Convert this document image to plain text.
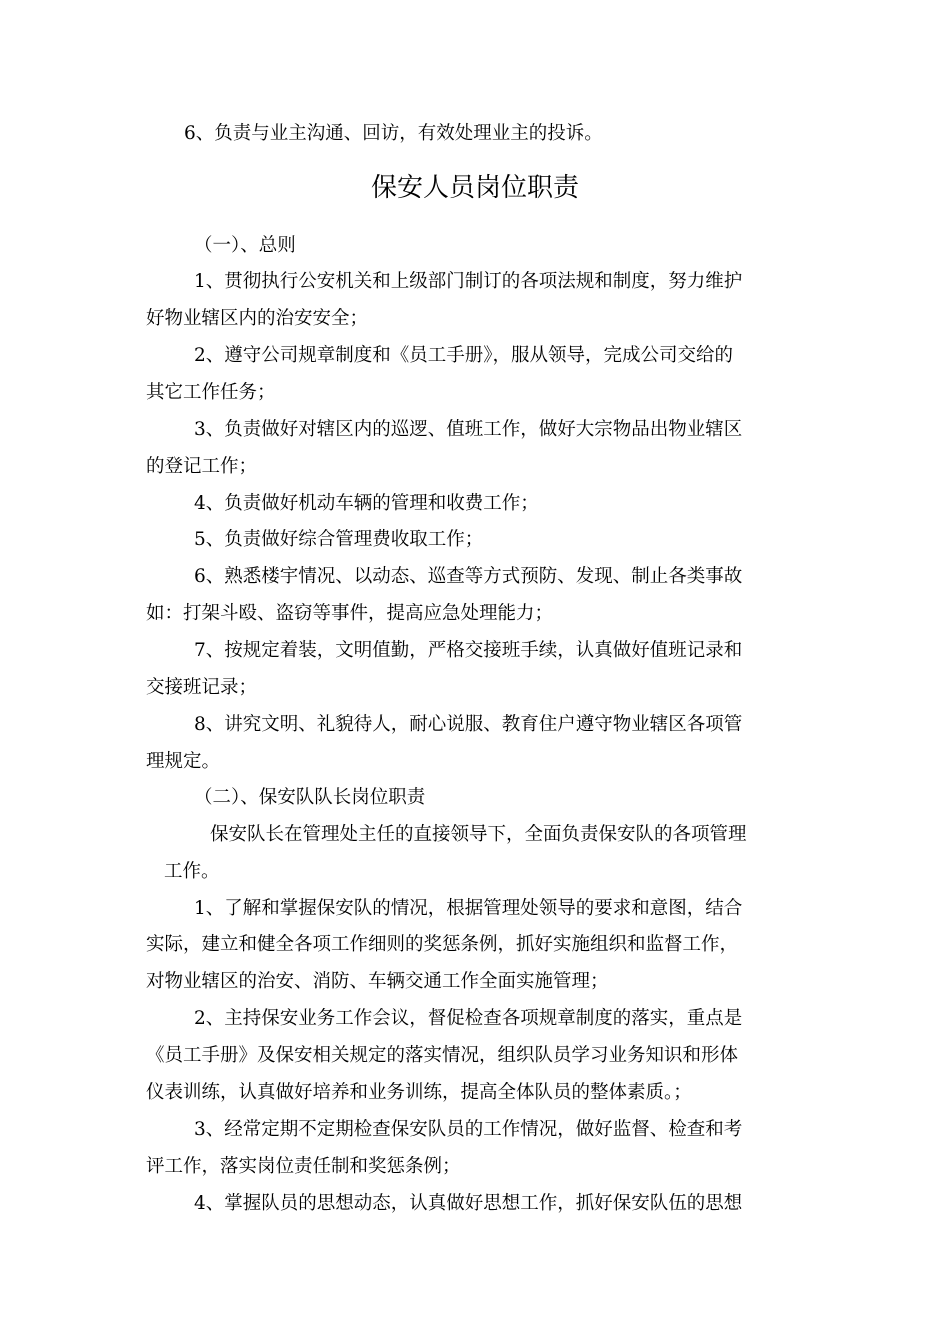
6、负责与业主沟通、回访，有效处理业主的投诉。
保安人员岗位职责
（一）、总则
1、贯彻执行公安机关和上级部门制订的各项法规和制度，努力维护
好物业辖区内的治安安全；
2、遵守公司规章制度和《员工手册》，服从领导，完成公司交给的
其它工作任务；
3、负责做好对辖区内的巡逻、值班工作，做好大宗物品出物业辖区
的登记工作；
4、负责做好机动车辆的管理和收费工作；
5、负责做好综合管理费收取工作；
6、熟悉楼宇情况、以动态、巡查等方式预防、发现、制止各类事故
如：打架斗殴、盗窃等事件，提高应急处理能力；
7、按规定着装，文明值勤，严格交接班手续，认真做好值班记录和
交接班记录；
8、讲究文明、礼貌待人，耐心说服、教育住户遵守物业辖区各项管
理规定。
（二）、保安队队长岗位职责
保安队长在管理处主任的直接领导下，全面负责保安队的各项管理
工作。
1、了解和掌握保安队的情况，根据管理处领导的要求和意图，结合
实际，建立和健全各项工作细则的奖惩条例，抓好实施组织和监督工作，
对物业辖区的治安、消防、车辆交通工作全面实施管理；
2、主持保安业务工作会议，督促检查各项规章制度的落实，重点是
《员工手册》及保安相关规定的落实情况，组织队员学习业务知识和形体
仪表训练，认真做好培养和业务训练，提高全体队员的整体素质。；
3、经常定期不定期检查保安队员的工作情况，做好监督、检查和考
评工作，落实岗位责任制和奖惩条例；
4、掌握队员的思想动态，认真做好思想工作，抓好保安队伍的思想
